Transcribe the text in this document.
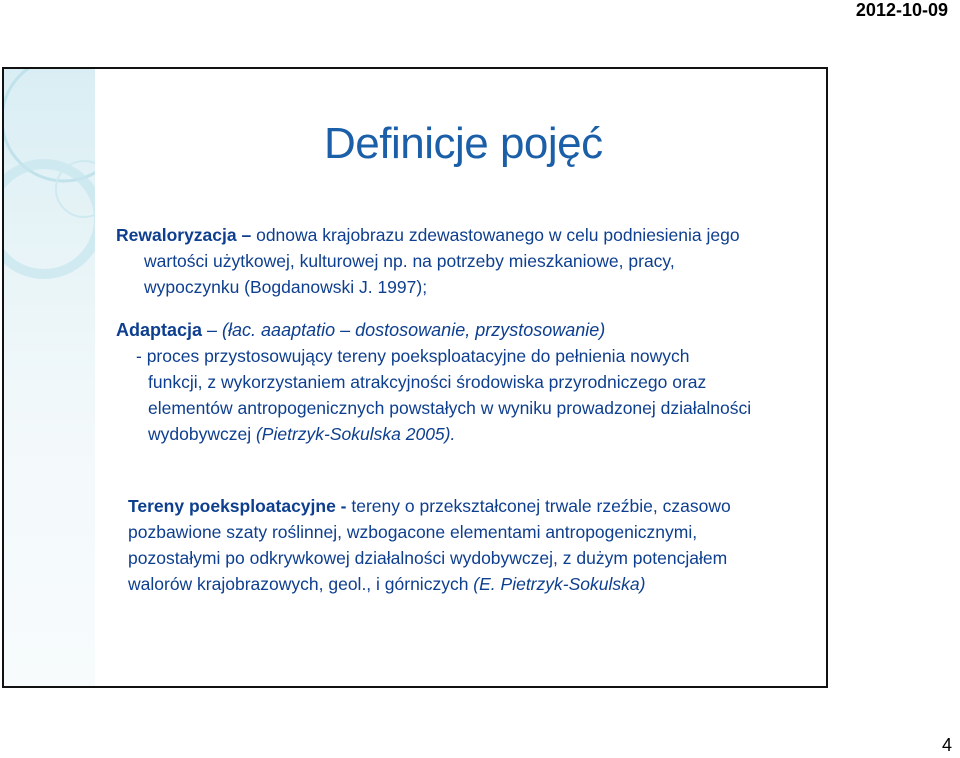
2012-10-09
Definicje pojęć
Rewaloryzacja – odnowa krajobrazu zdewastowanego w celu podniesienia jego
wartości użytkowej, kulturowej np. na potrzeby mieszkaniowe, pracy,
wypoczynku (Bogdanowski J. 1997);
Adaptacja – (łac. aaaptatio – dostosowanie, przystosowanie)
- proces przystosowujący tereny poeksploatacyjne do pełnienia nowych
funkcji, z wykorzystaniem atrakcyjności środowiska przyrodniczego oraz
elementów antropogenicznych powstałych w wyniku prowadzonej działalności
wydobywczej (Pietrzyk-Sokulska 2005).
Tereny poeksploatacyjne - tereny o przekształconej trwale rzeźbie, czasowo
pozbawione szaty roślinnej, wzbogacone elementami antropogenicznymi,
pozostałymi po odkrywkowej działalności wydobywczej, z dużym potencjałem
walorów krajobrazowych, geol., i górniczych (E. Pietrzyk-Sokulska)
4
